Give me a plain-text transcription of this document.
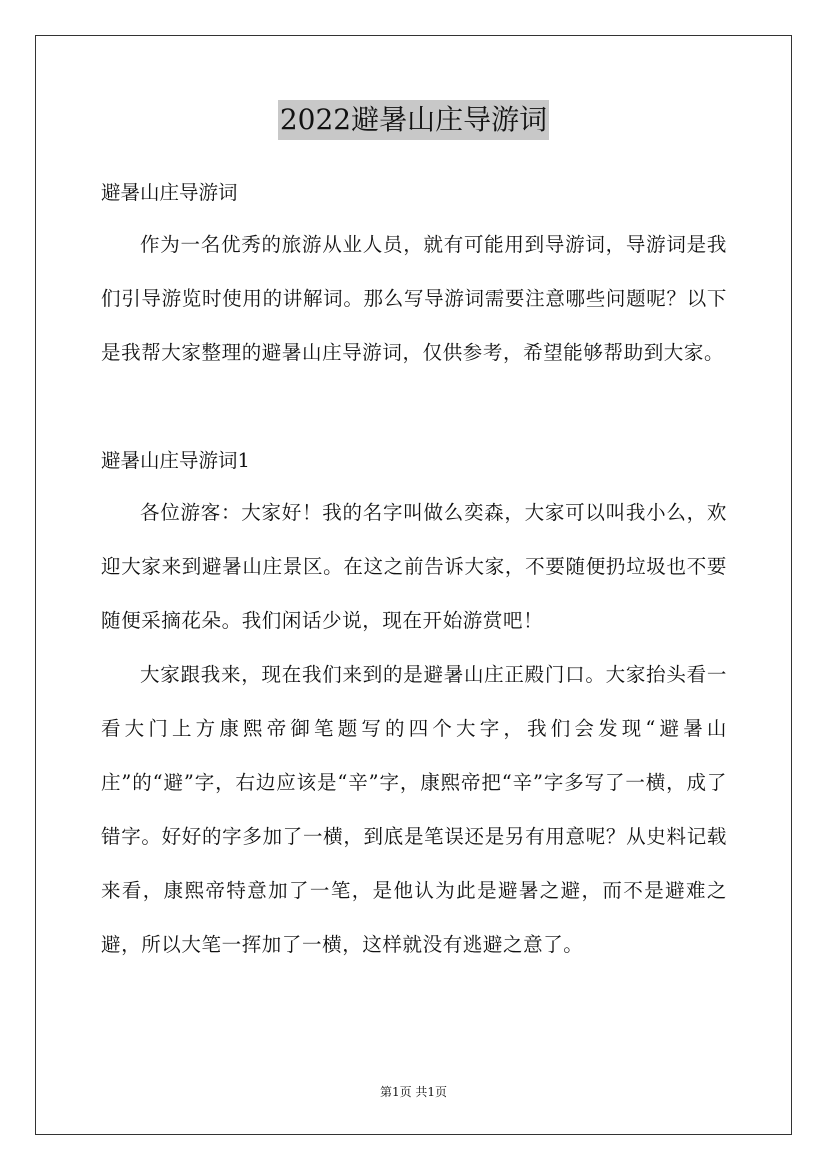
2022避暑山庄导游词

避暑山庄导游词

作为一名优秀的旅游从业人员，就有可能用到导游词，导游词是我们引导游览时使用的讲解词。那么写导游词需要注意哪些问题呢？以下是我帮大家整理的避暑山庄导游词，仅供参考，希望能够帮助到大家。

避暑山庄导游词1

各位游客：大家好！我的名字叫做么奕森，大家可以叫我小么，欢迎大家来到避暑山庄景区。在这之前告诉大家，不要随便扔垃圾也不要随便采摘花朵。我们闲话少说，现在开始游赏吧！

大家跟我来，现在我们来到的是避暑山庄正殿门口。大家抬头看一看大门上方康熙帝御笔题写的四个大字，我们会发现“避暑山庄”的“避”字，右边应该是“辛”字，康熙帝把“辛”字多写了一横，成了错字。好好的字多加了一横，到底是笔误还是另有用意呢？从史料记载来看，康熙帝特意加了一笔，是他认为此是避暑之避，而不是避难之避，所以大笔一挥加了一横，这样就没有逃避之意了。

第1页 共1页
